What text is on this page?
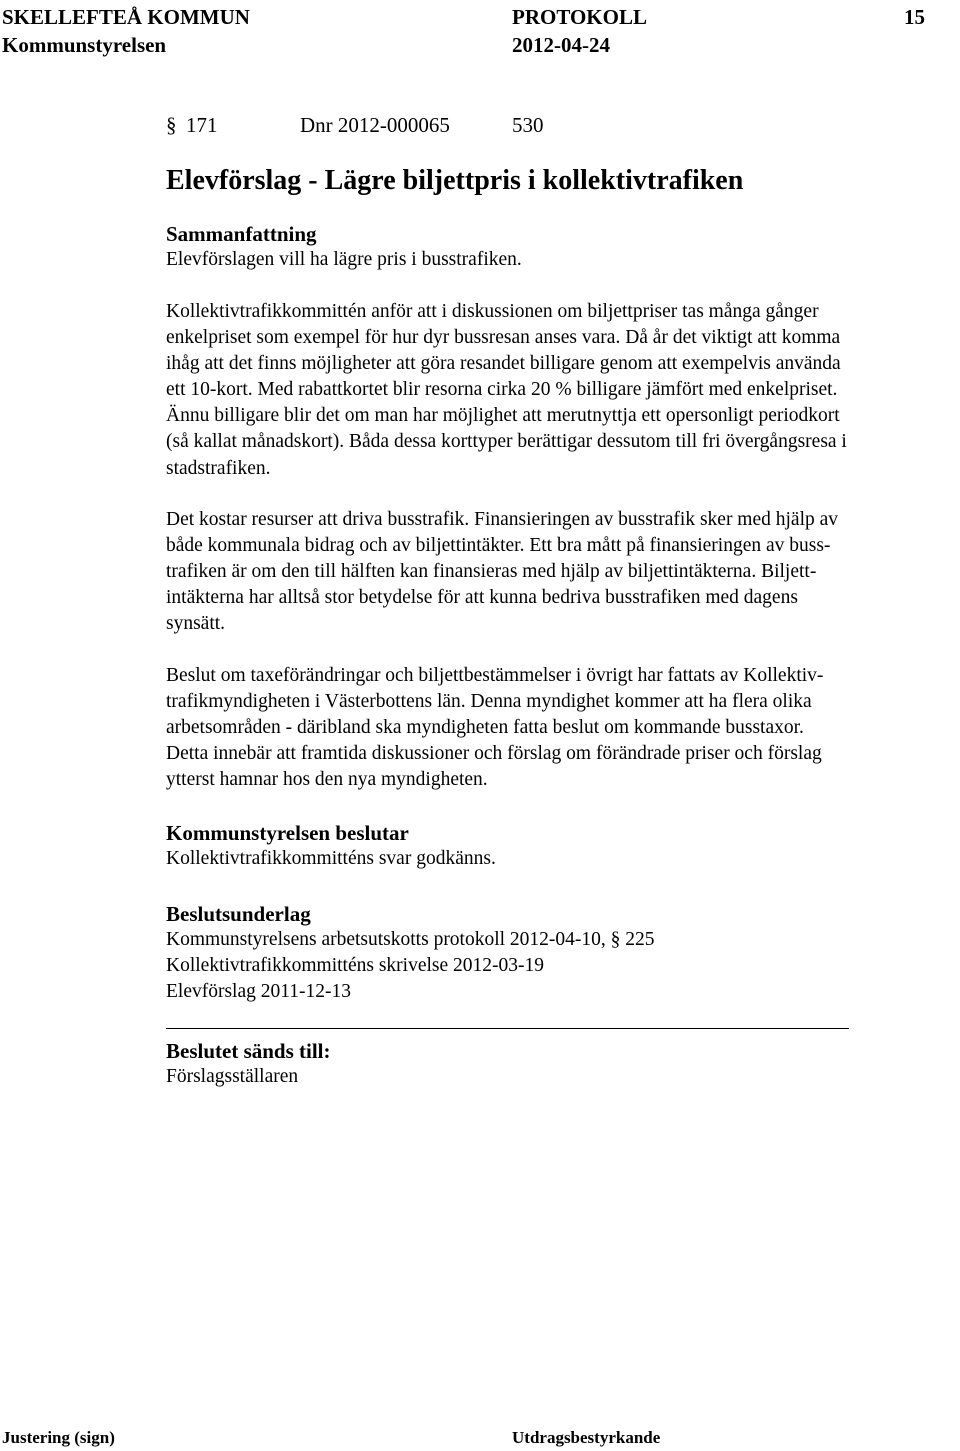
SKELLEFTEÅ KOMMUN	PROTOKOLL	15
Kommunstyrelsen	2012-04-24
§ 171	Dnr 2012-000065	530
Elevförslag - Lägre biljettpris i kollektivtrafiken
Sammanfattning
Elevförslagen vill ha lägre pris i busstrafiken.

Kollektivtrafikkommittén anför att i diskussionen om biljettpriser tas många gånger

enkelpriset som exempel för hur dyr bussresan anses vara. Då år det viktigt att komma

ihåg att det finns möjligheter att göra resandet billigare genom att exempelvis använda

ett 10-kort. Med rabattkortet blir resorna cirka 20 % billigare jämfört med enkelpriset.

Ännu billigare blir det om man har möjlighet att merutnyttja ett opersonligt periodkort

(så kallat månadskort). Båda dessa korttyper berättigar dessutom till fri övergångsresa i

stadstrafiken.

Det kostar resurser att driva busstrafik. Finansieringen av busstrafik sker med hjälp av

både kommunala bidrag och av biljettintäkter. Ett bra mått på finansieringen av buss-

trafiken är om den till hälften kan finansieras med hjälp av biljettintäkterna. Biljett-

intäkterna har alltså stor betydelse för att kunna bedriva busstrafiken med dagens

synsätt.

Beslut om taxeförändringar och biljettbestämmelser i övrigt har fattats av Kollektiv-

trafikmyndigheten i Västerbottens län. Denna myndighet kommer att ha flera olika

arbetsområden - däribland ska myndigheten fatta beslut om kommande busstaxor.

Detta innebär att framtida diskussioner och förslag om förändrade priser och förslag

ytterst hamnar hos den nya myndigheten.

Kommunstyrelsen beslutar
Kollektivtrafikkommitténs svar godkänns.
Beslutsunderlag
Kommunstyrelsens arbetsutskotts protokoll 2012-04-10, § 225
Kollektivtrafikkommitténs skrivelse 2012-03-19
Elevförslag 2011-12-13
Beslutet sänds till:
Förslagsställaren
Justering (sign)	Utdragsbestyrkande
